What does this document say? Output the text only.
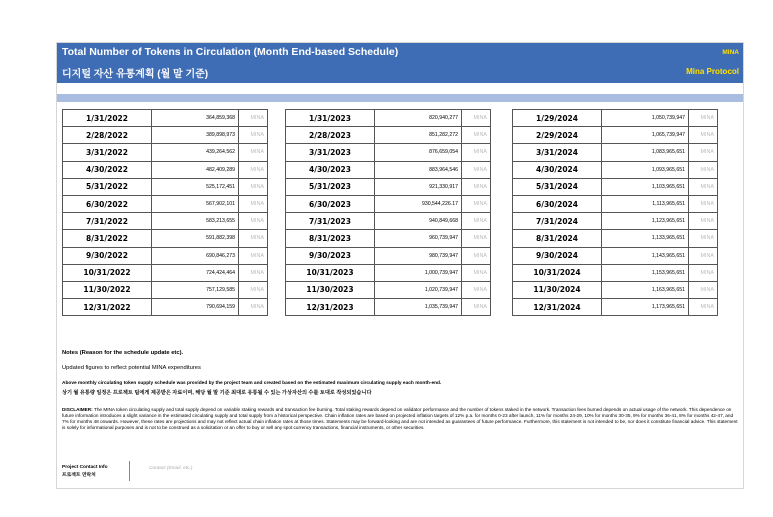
Total Number of Tokens in Circulation (Month End-based Schedule)
디지털 자산 유통계획 (월 말 기준)
MINA
Mina Protocol
1/31/2022	364,859,368	MINA
2/28/2022	389,898,973	MINA
3/31/2022	439,264,562	MINA
4/30/2022	482,409,289	MINA
5/31/2022	525,172,451	MINA
6/30/2022	567,902,101	MINA
7/31/2022	583,213,655	MINA
8/31/2022	591,882,398	MINA
9/30/2022	690,846,273	MINA
10/31/2022	724,424,464	MINA
11/30/2022	757,129,585	MINA
12/31/2022	790,694,159	MINA
1/31/2023	820,940,277	MINA
2/28/2023	851,282,272	MINA
3/31/2023	876,659,054	MINA
4/30/2023	883,964,546	MINA
5/31/2023	921,330,917	MINA
6/30/2023	930,544,226.17	MINA
7/31/2023	940,849,668	MINA
8/31/2023	960,739,947	MINA
9/30/2023	980,739,947	MINA
10/31/2023	1,000,739,947	MINA
11/30/2023	1,020,739,947	MINA
12/31/2023	1,035,739,947	MINA
1/29/2024	1,050,739,947	MINA
2/29/2024	1,065,739,947	MINA
3/31/2024	1,083,965,651	MINA
4/30/2024	1,093,965,651	MINA
5/31/2024	1,103,965,651	MINA
6/30/2024	1,113,965,651	MINA
7/31/2024	1,123,965,651	MINA
8/31/2024	1,133,965,651	MINA
9/30/2024	1,143,965,651	MINA
10/31/2024	1,153,965,651	MINA
11/30/2024	1,163,965,651	MINA
12/31/2024	1,173,965,651	MINA
Notes (Reason for the schedule update etc).
Updated figures to reflect potential MINA expenditures
Above monthly circulating token supply schedule was provided by the project team and created based on the estimated maximum circulating supply each month-end.
상기 월 유통량 일정은 프로젝트 팀에게 제공받은 자료이며, 해당 월 말 기준 최대로 유통될 수 있는 가상자산의 수를 토대로 작성되었습니다
DISCLAIMER: The MINA token circulating supply and total supply depend on variable staking rewards and transaction fee burning. Total staking rewards depend on validator performance and the number of tokens staked in the network. Transaction fees burned depends on actual usage of the network. This dependence on future information introduces a slight variance in the estimated circulating supply and total supply from a historical perspective. Chain inflation rates are based on projected inflation targets of 12% p.a. for months 0-23 after launch, 11% for months 24-29, 10% for months 30-35, 9% for months 36-41, 8% for months 42-47, and 7% for months 48 onwards. However, these rates are projections and may not reflect actual chain inflation rates at those times. Statements may be forward-looking and are not intended as guarantees of future performance. Furthermore, this statement is not intended to be, nor does it constitute financial advice. This statement is solely for informational purposes and is not to be construed as a solicitation or an offer to buy or sell any spot currency transactions, financial instruments, or other securities.
Project Contact Info
프로젝트 연락처
Contact (Email, etc.)
